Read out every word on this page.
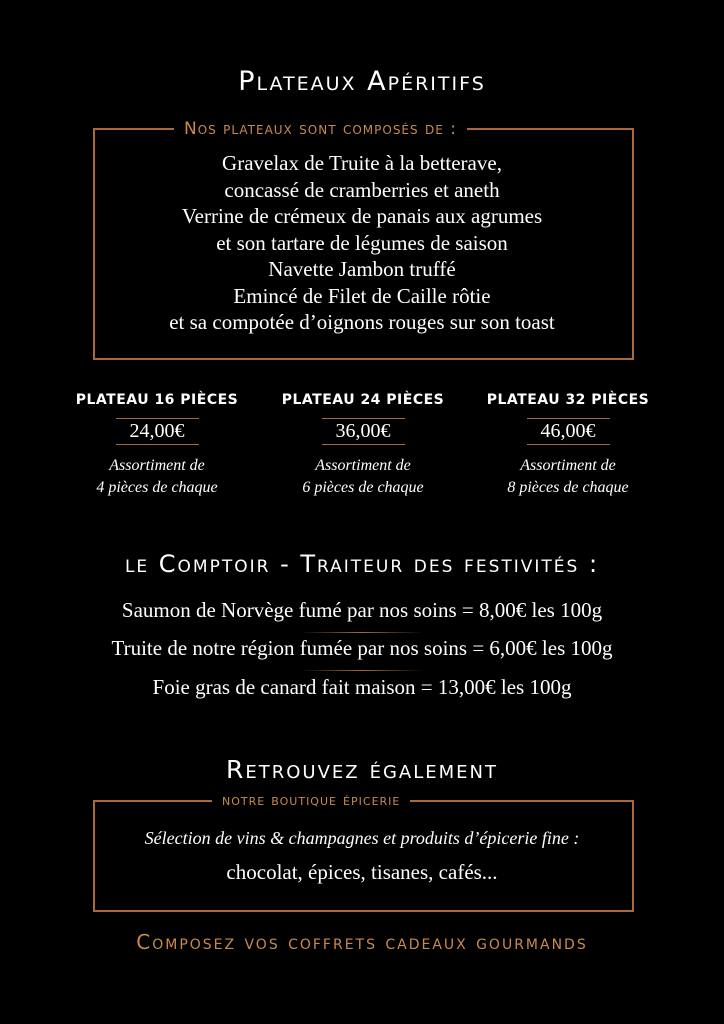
Plateaux Apéritifs
Nos plateaux sont composés de :
Gravelax de Truite à la betterave,
concassé de cramberries et aneth
Verrine de crémeux de panais aux agrumes
et son tartare de légumes de saison
Navette Jambon truffé
Emincé de Filet de Caille rôtie
et sa compotée d’oignons rouges sur son toast
PLATEAU 16 PIÈCES
24,00€
Assortiment de
4 pièces de chaque
PLATEAU 24 PIÈCES
36,00€
Assortiment de
6 pièces de chaque
PLATEAU 32 PIÈCES
46,00€
Assortiment de
8 pièces de chaque
le Comptoir - Traiteur des festivités :
Saumon de Norvège fumé par nos soins = 8,00€ les 100g
Truite de notre région fumée par nos soins = 6,00€ les 100g
Foie gras de canard fait maison = 13,00€ les 100g
Retrouvez également
notre boutique épicerie
Sélection de vins & champagnes et produits d’épicerie fine :
chocolat, épices, tisanes, cafés...
Composez vos coffrets cadeaux gourmands
